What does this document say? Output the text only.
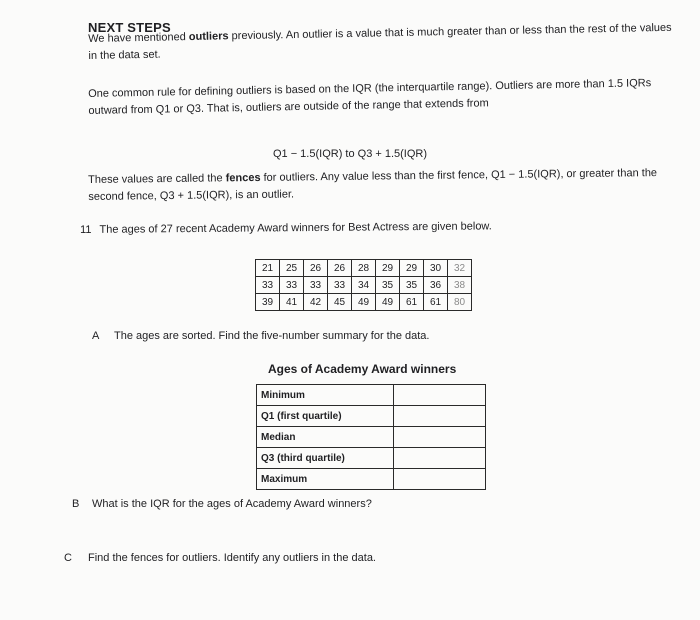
NEXT STEPS
We have mentioned outliers previously. An outlier is a value that is much greater than or less than the rest of the values in the data set.
One common rule for defining outliers is based on the IQR (the interquartile range). Outliers are more than 1.5 IQRs outward from Q1 or Q3. That is, outliers are outside of the range that extends from
Q1 − 1.5(IQR) to Q3 + 1.5(IQR)
These values are called the fences for outliers. Any value less than the first fence, Q1 − 1.5(IQR), or greater than the second fence, Q3 + 1.5(IQR), is an outlier.
11 The ages of 27 recent Academy Award winners for Best Actress are given below.
21	25	26	26	28	29	29	30	32
33	33	33	33	34	35	35	36	38
39	41	42	45	49	49	61	61	80
A The ages are sorted. Find the five-number summary for the data.
Ages of Academy Award winners
Minimum	
Q1 (first quartile)	
Median	
Q3 (third quartile)	
Maximum	
B What is the IQR for the ages of Academy Award winners?
C Find the fences for outliers. Identify any outliers in the data.
